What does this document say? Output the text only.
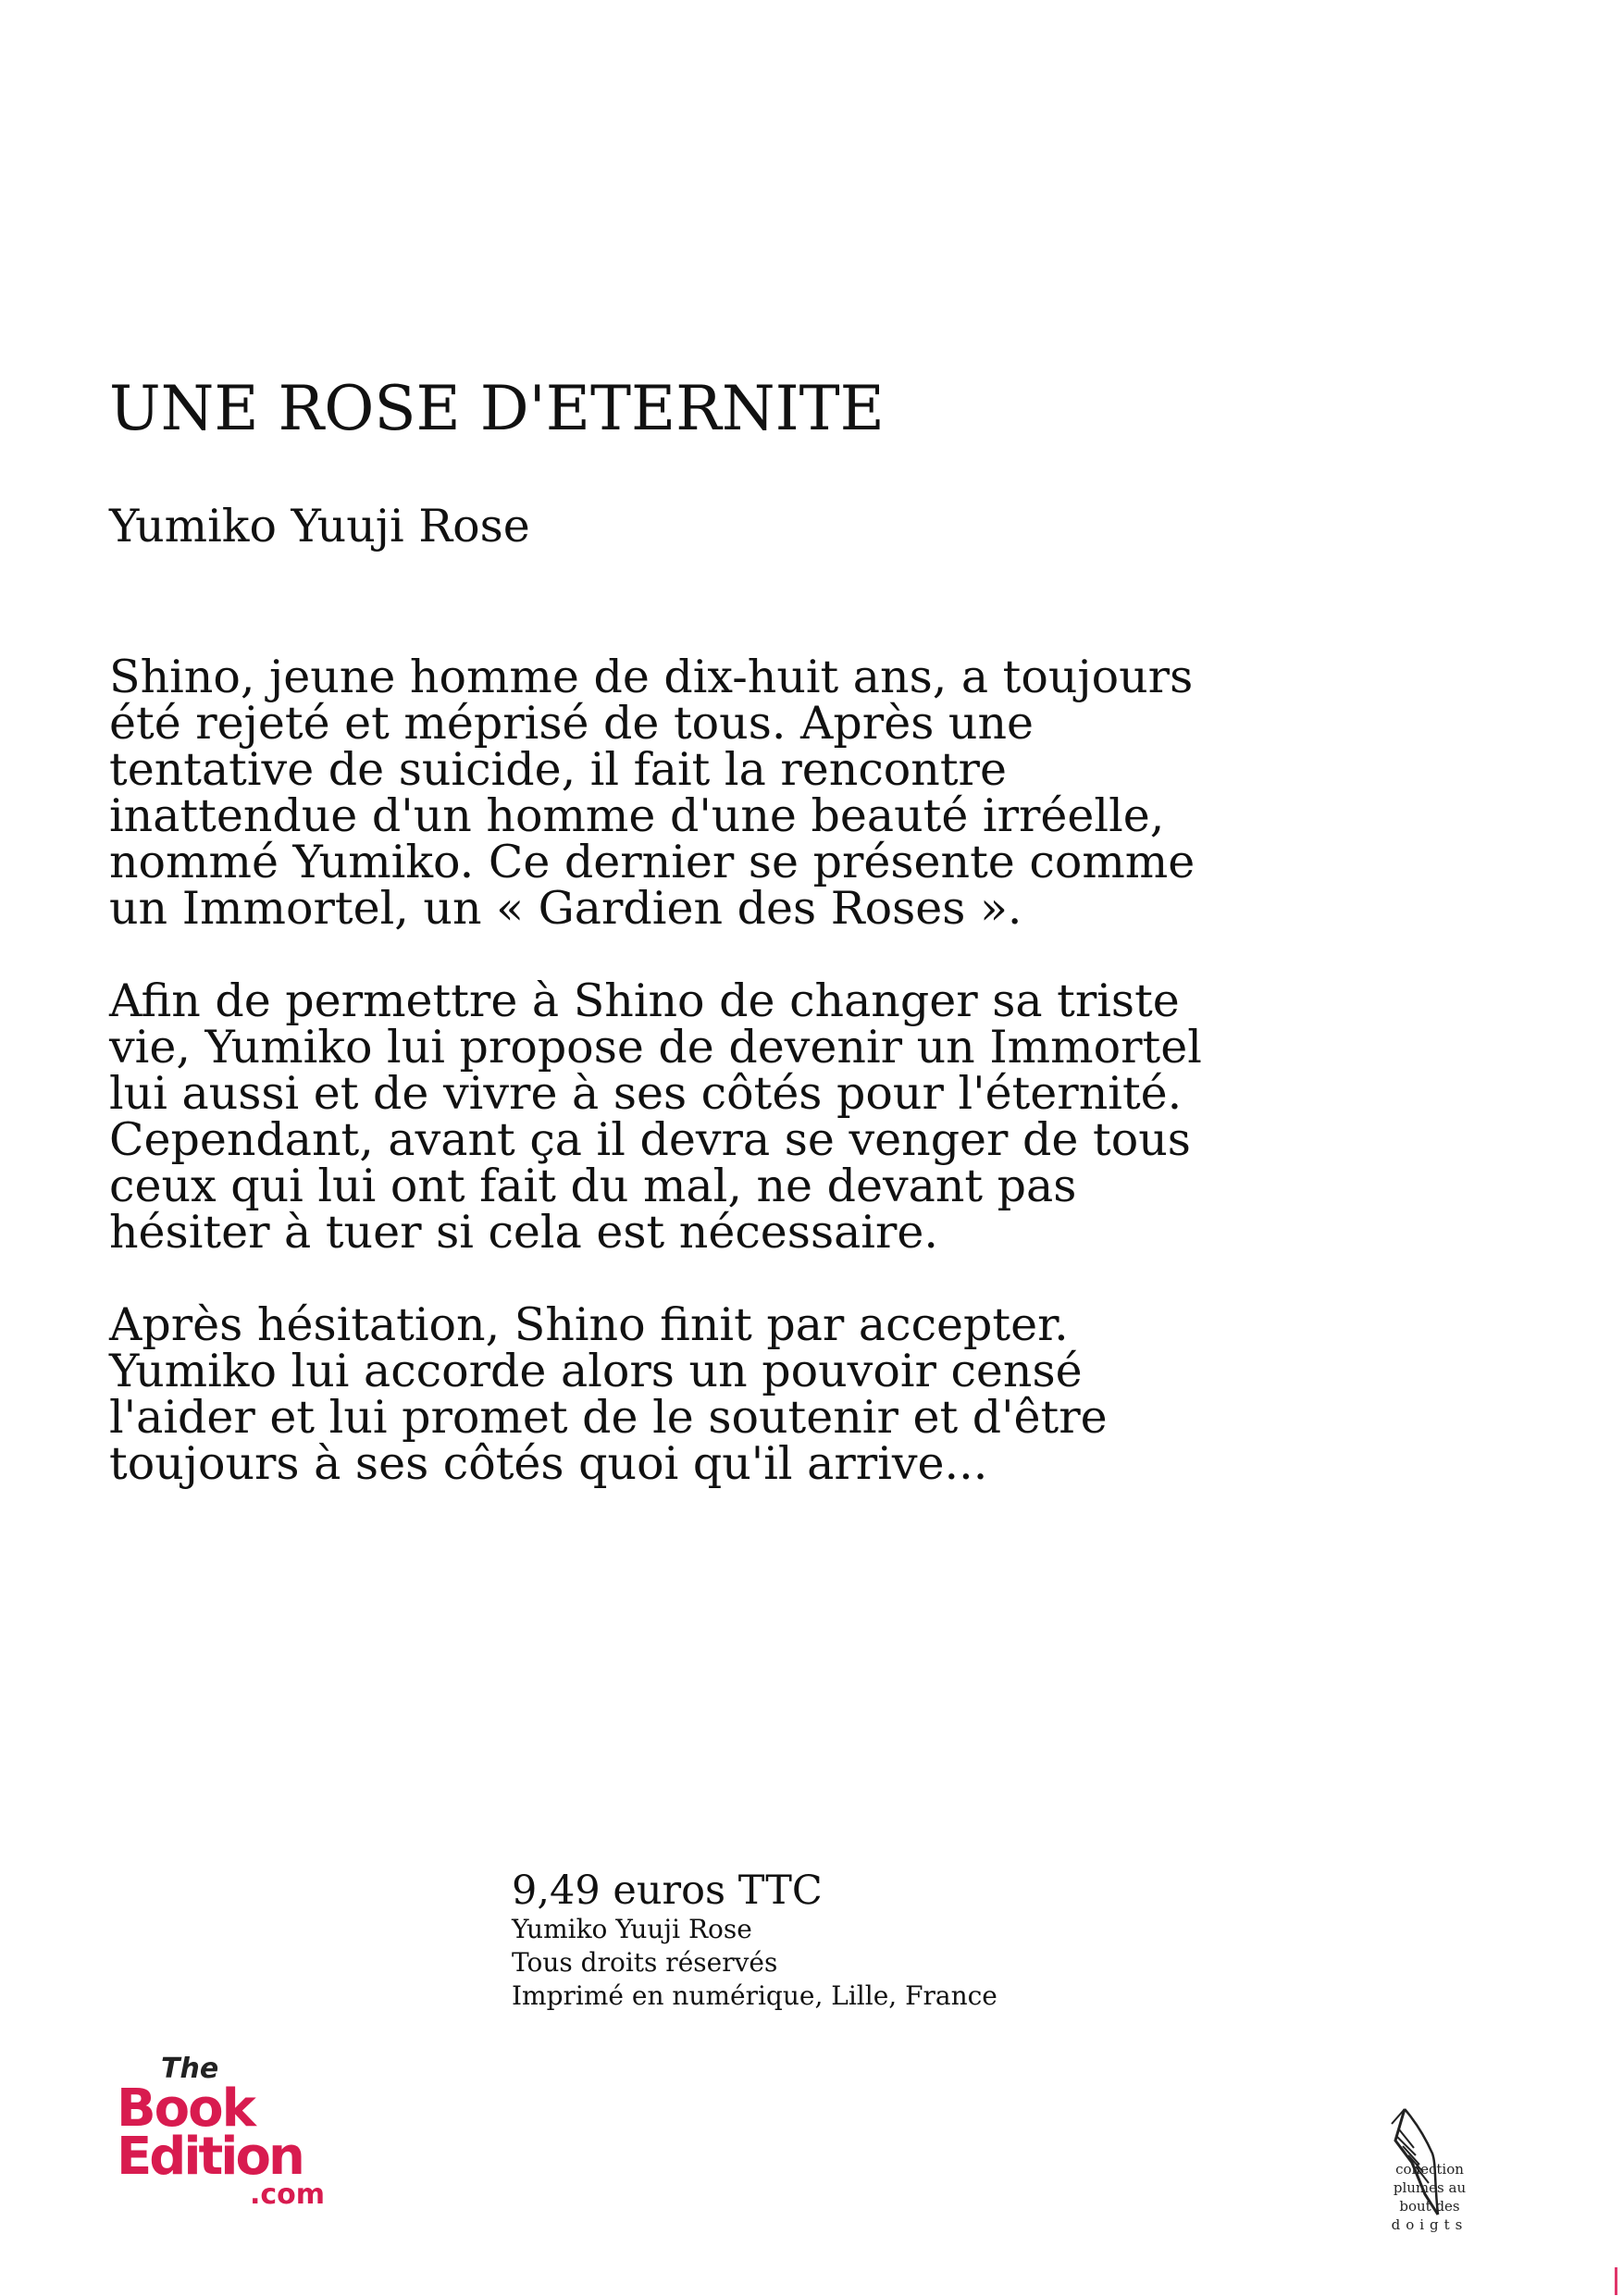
UNE ROSE D'ETERNITE
Yumiko Yuuji Rose
Shino, jeune homme de dix-huit ans, a toujours été rejeté et méprisé de tous. Après une tentative de suicide, il fait la rencontre inattendue d'un homme d'une beauté irréelle, nommé Yumiko. Ce dernier se présente comme un Immortel, un « Gardien des Roses ».
Afin de permettre à Shino de changer sa triste vie, Yumiko lui propose de devenir un Immortel lui aussi et de vivre à ses côtés pour l'éternité.
Cependant, avant ça il devra se venger de tous ceux qui lui ont fait du mal, ne devant pas hésiter à tuer si cela est nécessaire.
Après hésitation, Shino finit par accepter. Yumiko lui accorde alors un pouvoir censé l'aider et lui promet de le soutenir et d'être toujours à ses côtés quoi qu'il arrive...
9,49 euros TTC
Yumiko Yuuji Rose
Tous droits réservés
Imprimé en numérique, Lille, France
The
Book
Edition
.com
collection
plumes au
bout des
doigts
